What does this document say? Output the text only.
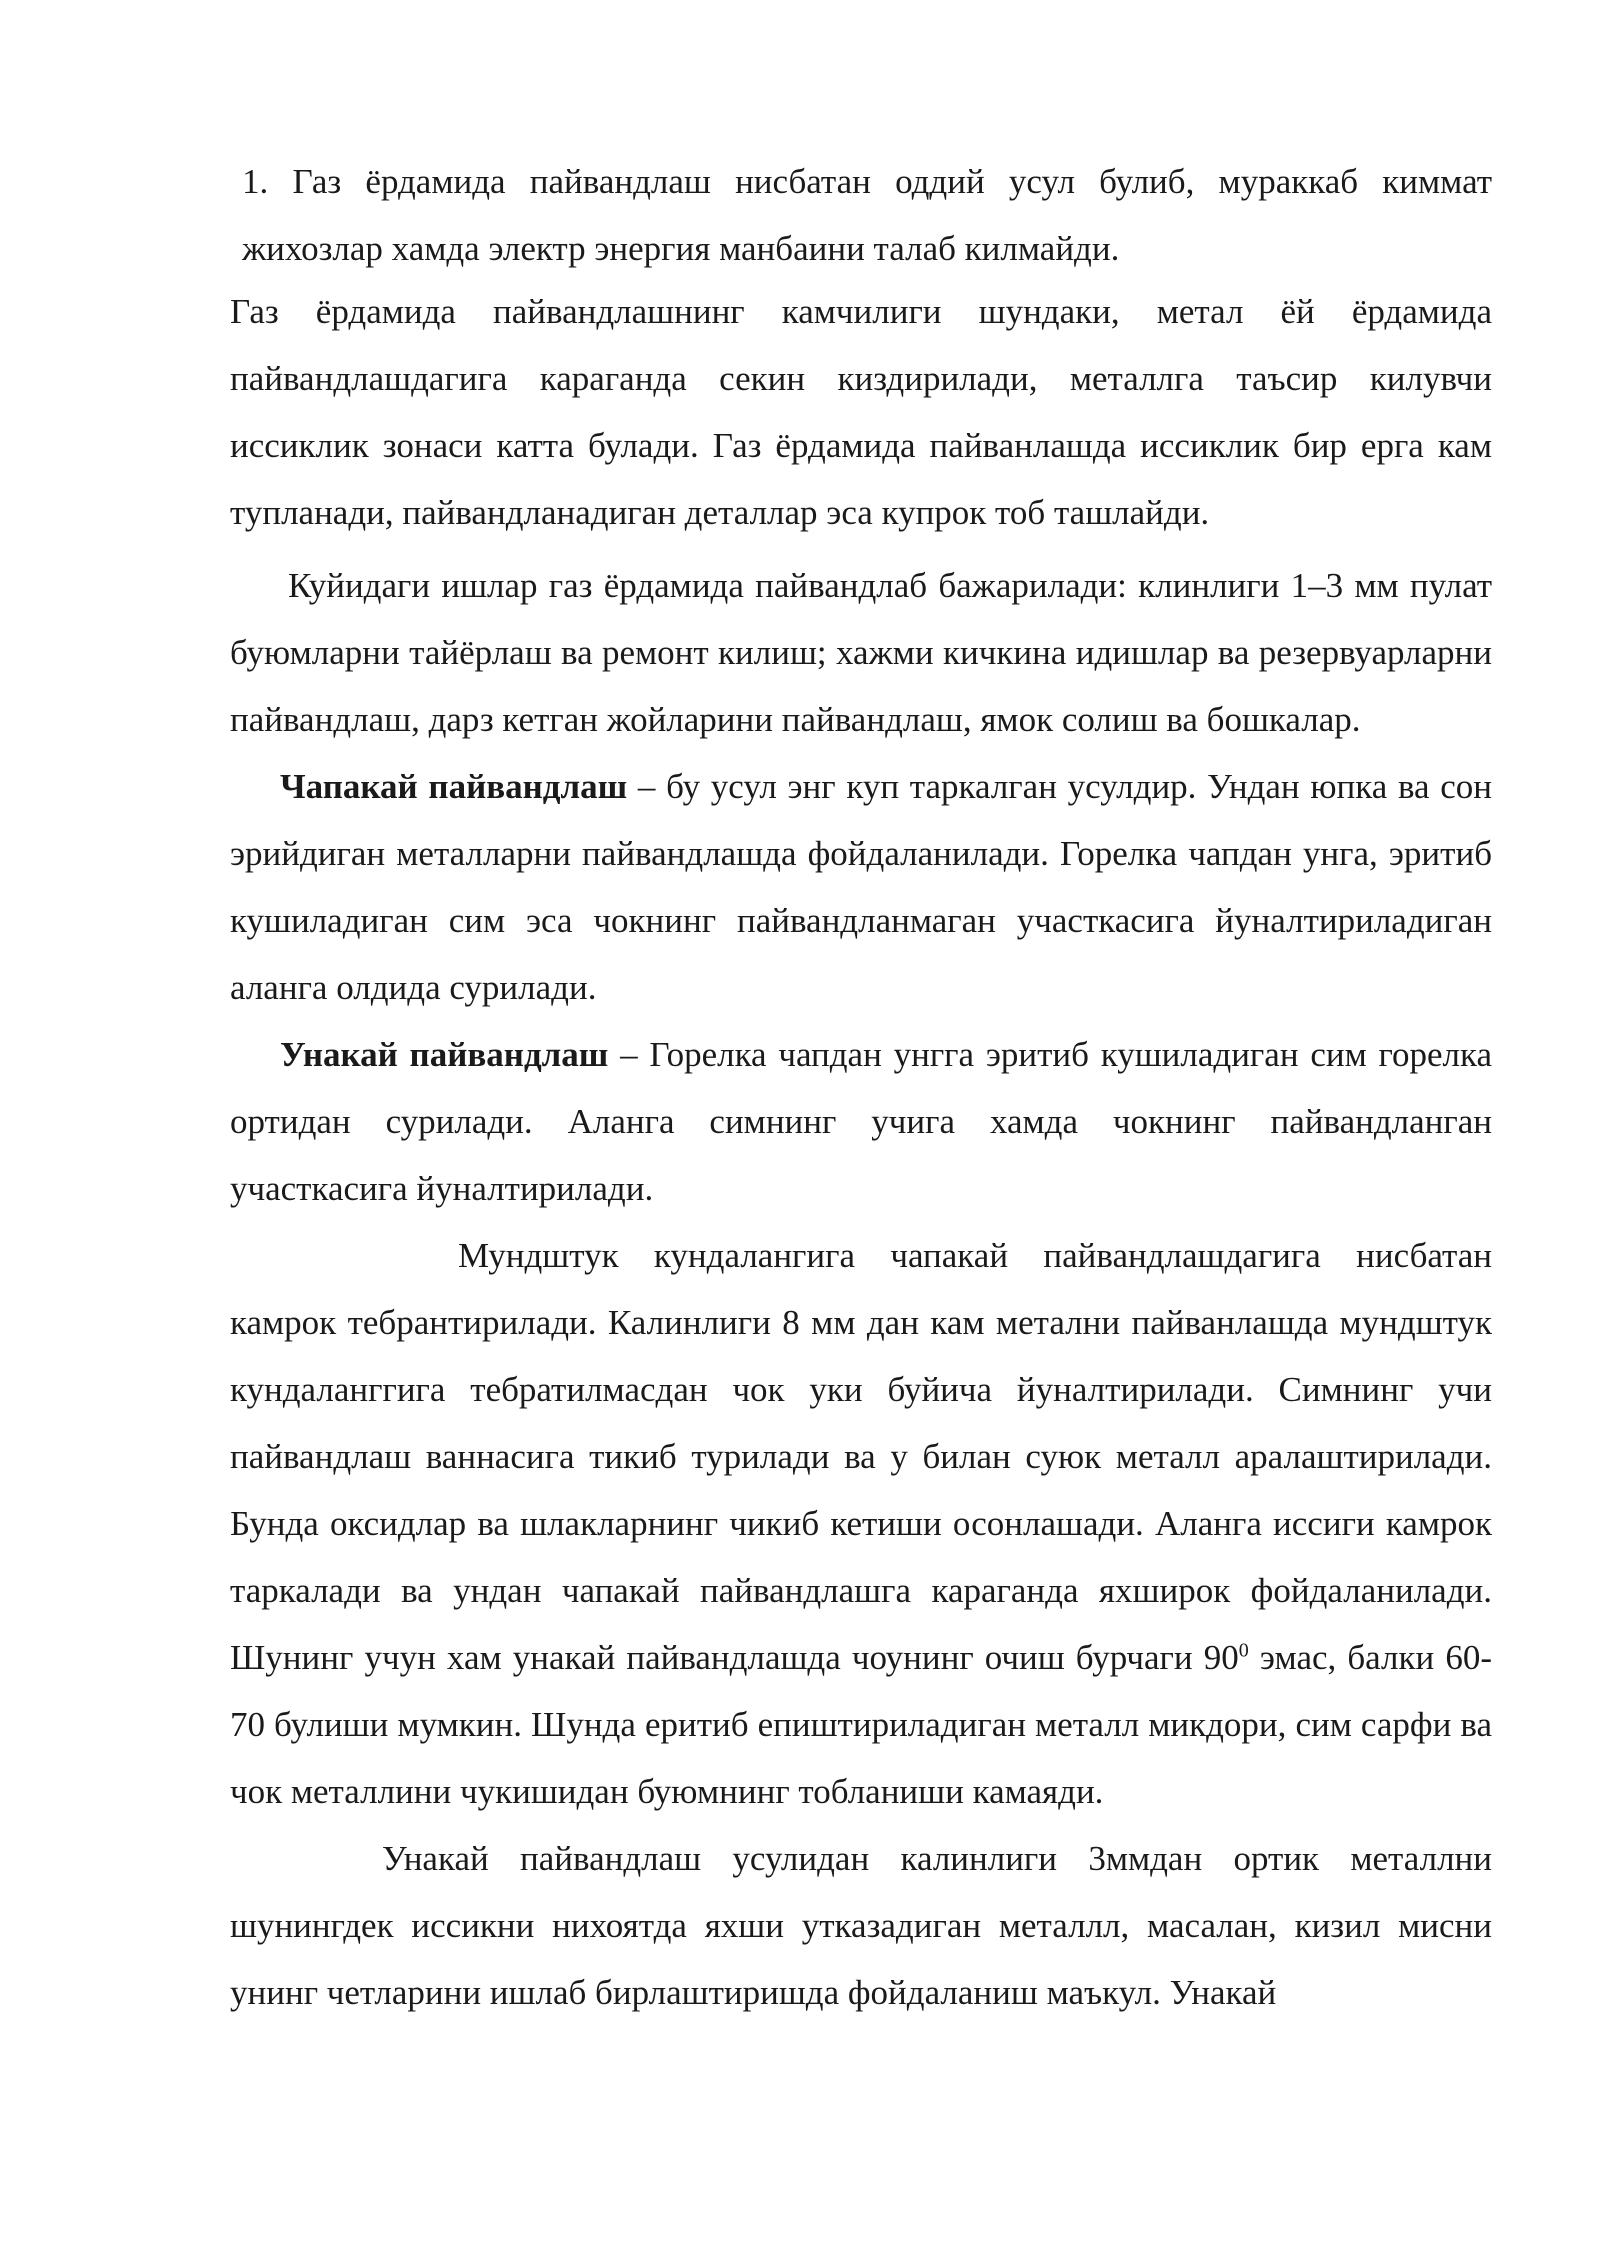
1. Газ ёрдамида пайвандлаш нисбатан оддий усул булиб, мураккаб киммат жихозлар хамда электр энергия манбаини талаб килмайди.

Газ ёрдамида пайвандлашнинг камчилиги шундаки, метал ёй ёрдамида пайвандлашдагига караганда секин киздирилади, металлга таъсир килувчи иссиклик зонаси катта булади. Газ ёрдамида пайванлашда иссиклик бир ерга кам тупланади, пайвандланадиган деталлар эса купрок тоб ташлайди.

Куйидаги ишлар газ ёрдамида пайвандлаб бажарилади: клинлиги 1–3 мм пулат буюмларни тайёрлаш ва ремонт килиш; хажми кичкина идишлар ва резервуарларни пайвандлаш, дарз кетган жойларини пайвандлаш, ямок солиш ва бошкалар.

Чапакай пайвандлаш – бу усул энг куп таркалган усулдир. Ундан юпка ва сон эрийдиган металларни пайвандлашда фойдаланилади. Горелка чапдан унга, эритиб кушиладиган сим эса чокнинг пайвандланмаган участкасига йуналтириладиган аланга олдида сурилади.

Унакай пайвандлаш – Горелка чапдан унгга эритиб кушиладиган сим горелка ортидан сурилади. Аланга симнинг учига хамда чокнинг пайвандланган участкасига йуналтирилади.

Мундштук кундалангига чапакай пайвандлашдагига нисбатан камрок тебрантирилади. Калинлиги 8 мм дан кам метални пайванлашда мундштук кундаланггига тебратилмасдан чок уки буйича йуналтирилади. Симнинг учи пайвандлаш ваннасига тикиб турилади ва у билан суюк металл аралаштирилади. Бунда оксидлар ва шлакларнинг чикиб кетиши осонлашади. Аланга иссиги камрок таркалади ва ундан чапакай пайвандлашга караганда яхширок фойдаланилади. Шунинг учун хам унакай пайвандлашда чоунинг очиш бурчаги $90^0$ эмас, балки 60-70 булиши мумкин. Шунда еритиб епиштириладиган металл микдори, сим сарфи ва чок металлини чукишидан буюмнинг тобланиши камаяди.

Унакай пайвандлаш усулидан калинлиги 3ммдан ортик металлни шунингдек иссикни нихоятда яхши утказадиган металлл, масалан, кизил мисни унинг четларини ишлаб бирлаштиришда фойдаланиш маъкул. Унакай
